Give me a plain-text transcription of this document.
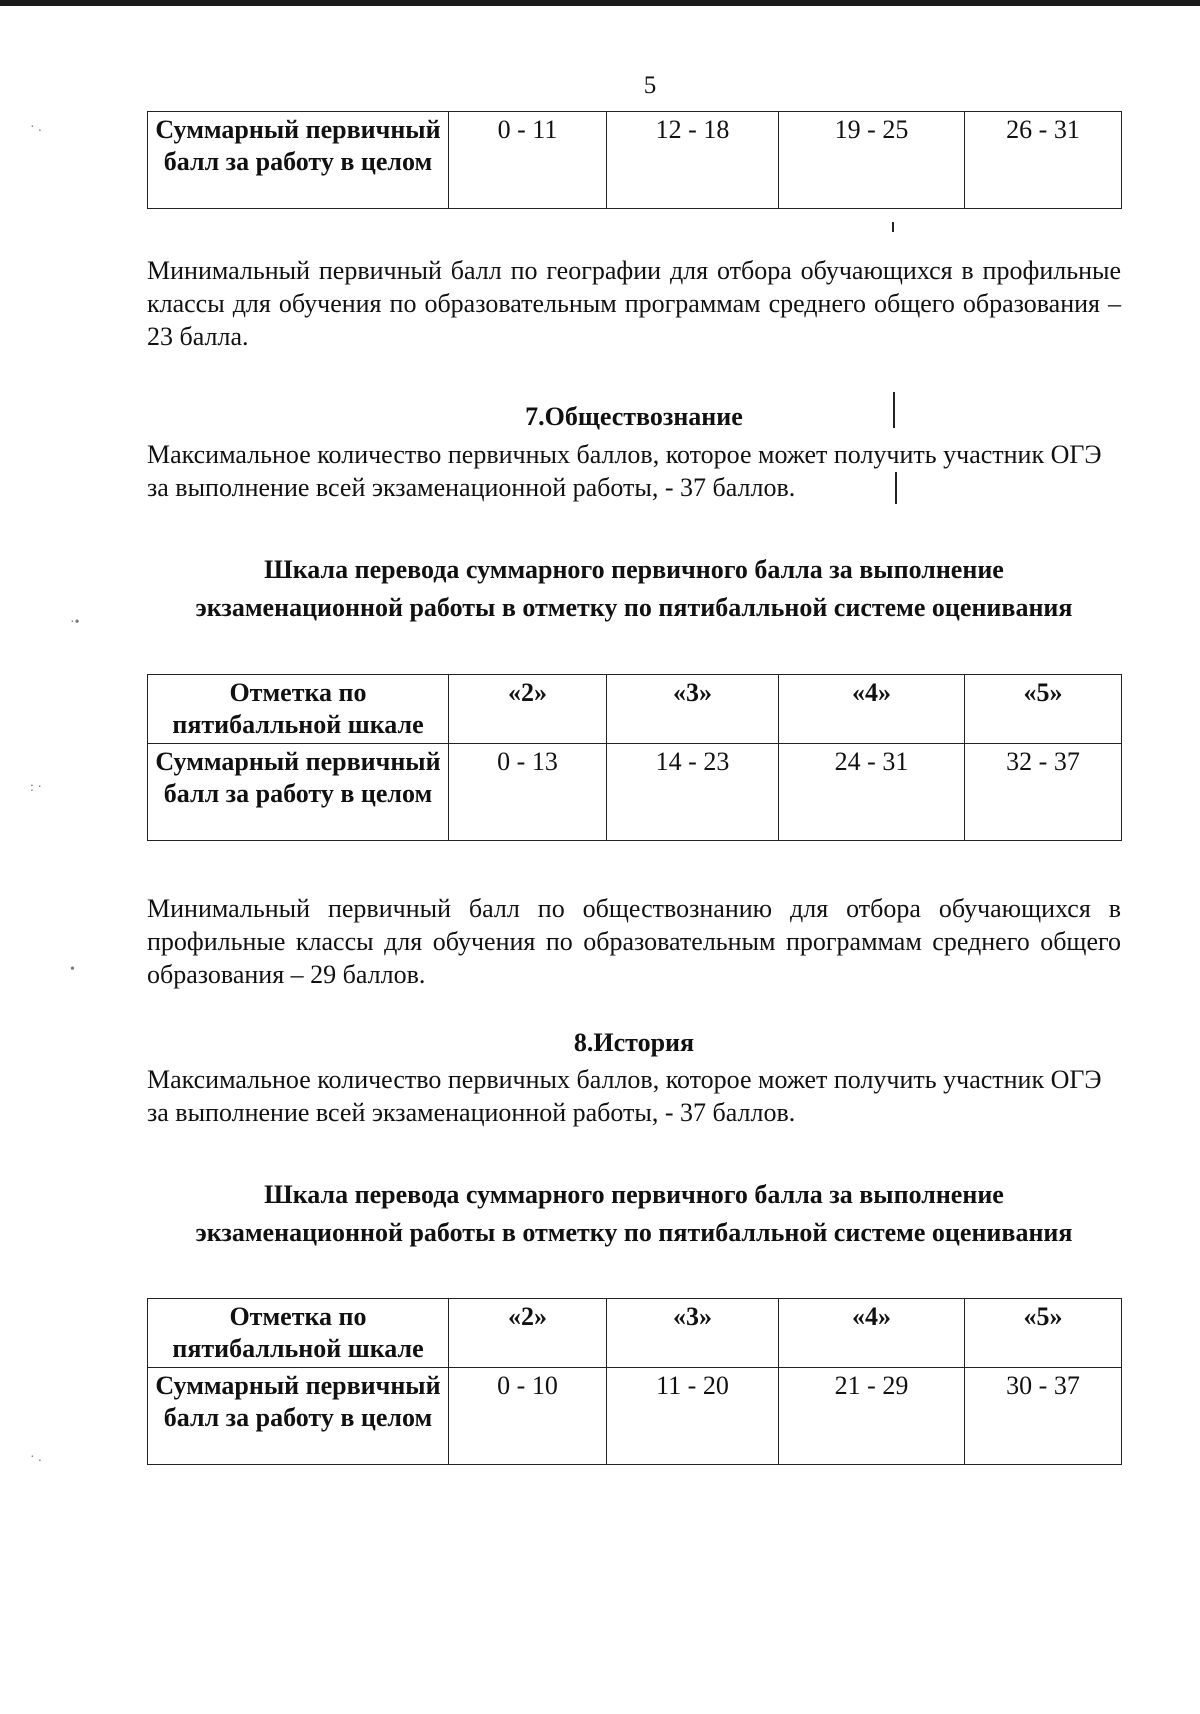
5
Суммарный первичный балл за работу в целом	0 - 11	12 - 18	19 - 25	26 - 31

Минимальный первичный балл по географии для отбора обучающихся в профильные классы для обучения по образовательным программам среднего общего образования – 23 балла.

7.Обществознание

Максимальное количество первичных баллов, которое может получить участник ОГЭ за выполнение всей экзаменационной работы, - 37 баллов.

Шкала перевода суммарного первичного балла за выполнение
экзаменационной работы в отметку по пятибалльной системе оценивания
Отметка по пятибалльной шкале	«2»	«3»	«4»	«5»
Суммарный первичный балл за работу в целом	0 - 13	14 - 23	24 - 31	32 - 37

Минимальный первичный балл по обществознанию для отбора обучающихся в профильные классы для обучения по образовательным программам среднего общего образования – 29 баллов.

8.История

Максимальное количество первичных баллов, которое может получить участник ОГЭ за выполнение всей экзаменационной работы, - 37 баллов.

Шкала перевода суммарного первичного балла за выполнение
экзаменационной работы в отметку по пятибалльной системе оценивания
Отметка по пятибалльной шкале	«2»	«3»	«4»	«5»
Суммарный первичный балл за работу в целом	0 - 10	11 - 20	21 - 29	30 - 37
·•
•
· .
: ·
· .
